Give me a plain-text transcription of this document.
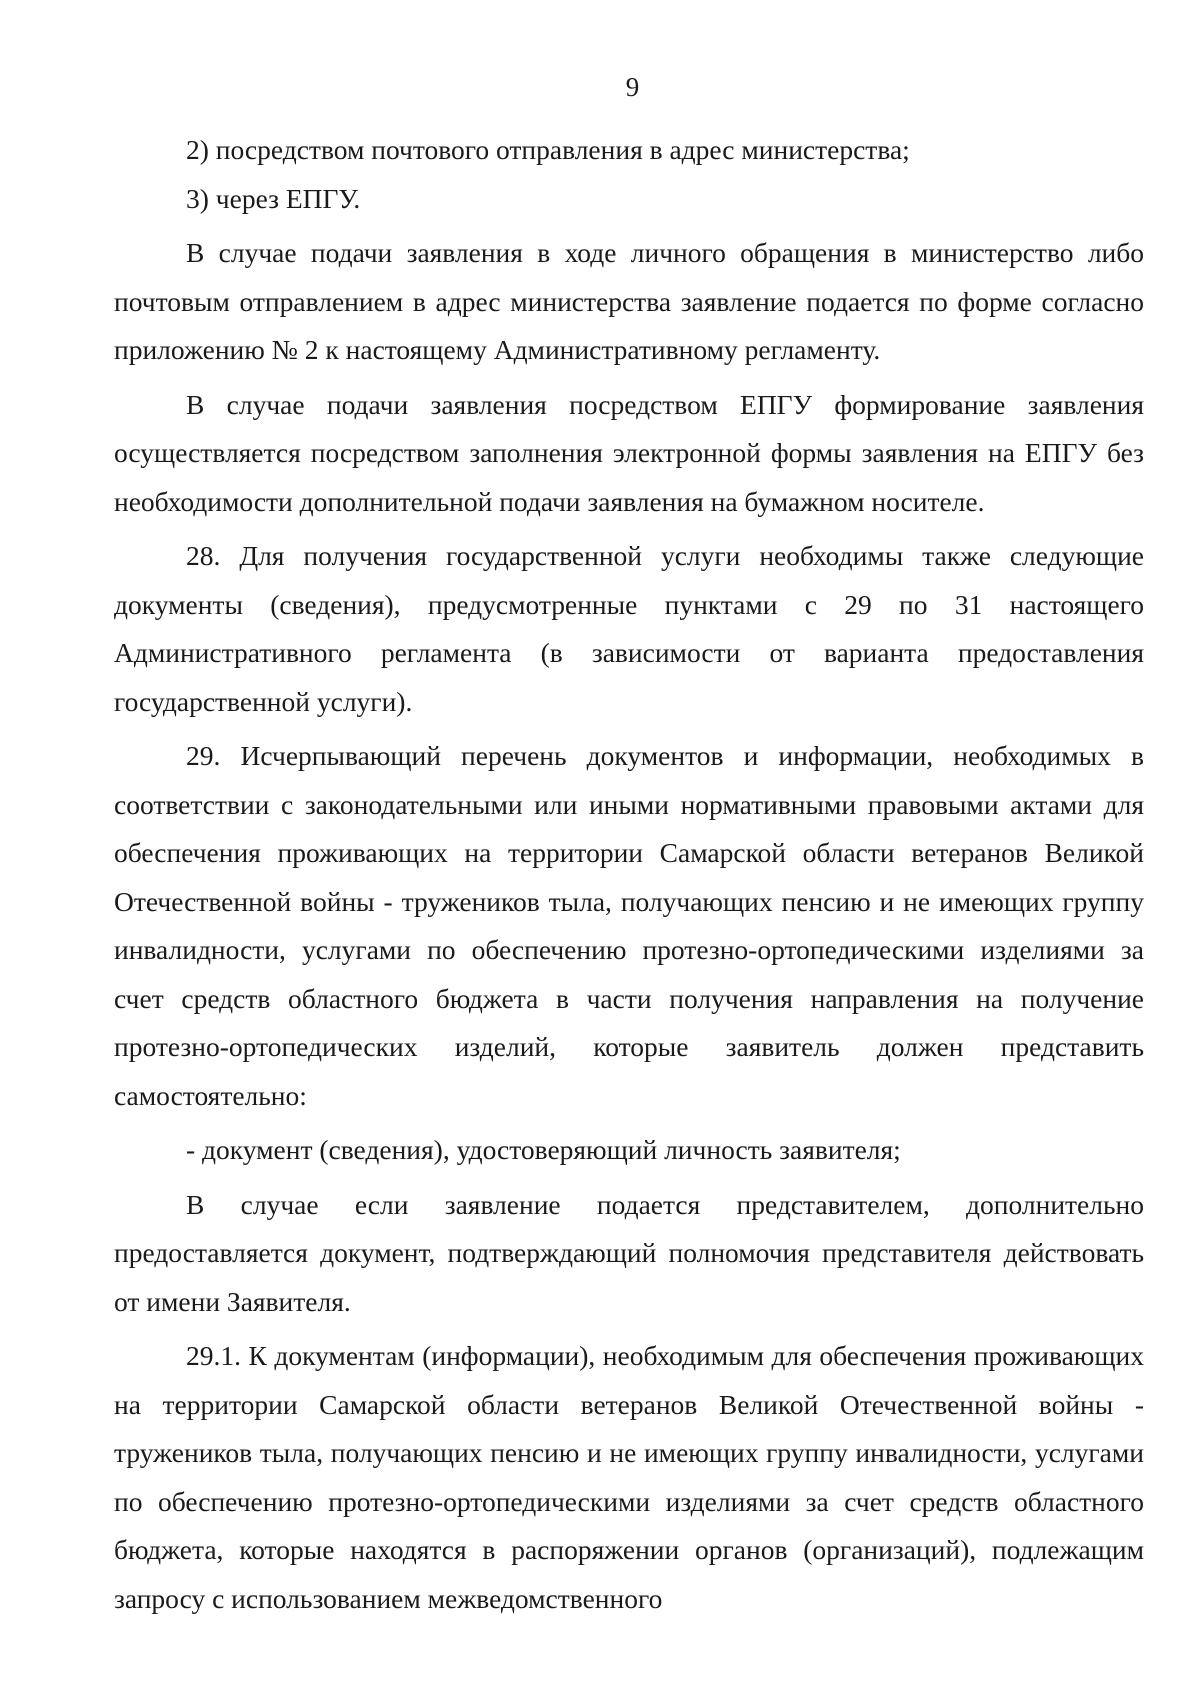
9

2) посредством почтового отправления в адрес министерства;

3) через ЕПГУ.

В случае подачи заявления в ходе личного обращения в министерство либо почтовым отправлением в адрес министерства заявление подается по форме согласно приложению № 2 к настоящему Административному регламенту.

В случае подачи заявления посредством ЕПГУ формирование заявления осуществляется посредством заполнения электронной формы заявления на ЕПГУ без необходимости дополнительной подачи заявления на бумажном носителе.

28. Для получения государственной услуги необходимы также следующие документы (сведения), предусмотренные пунктами с 29 по 31 настоящего Административного регламента (в зависимости от варианта предоставления государственной услуги).

29. Исчерпывающий перечень документов и информации, необходимых в соответствии с законодательными или иными нормативными правовыми актами для обеспечения проживающих на территории Самарской области ветеранов Великой Отечественной войны - тружеников тыла, получающих пенсию и не имеющих группу инвалидности, услугами по обеспечению протезно-ортопедическими изделиями за счет средств областного бюджета в части получения направления на получение протезно-ортопедических изделий, которые заявитель должен представить самостоятельно:

- документ (сведения), удостоверяющий личность заявителя;

В случае если заявление подается представителем, дополнительно предоставляется документ, подтверждающий полномочия представителя действовать от имени Заявителя.

29.1. К документам (информации), необходимым для обеспечения проживающих на территории Самарской области ветеранов Великой Отечественной войны - тружеников тыла, получающих пенсию и не имеющих группу инвалидности, услугами по обеспечению протезно-ортопедическими изделиями за счет средств областного бюджета, которые находятся в распоряжении органов (организаций), подлежащим запросу с использованием межведомственного
